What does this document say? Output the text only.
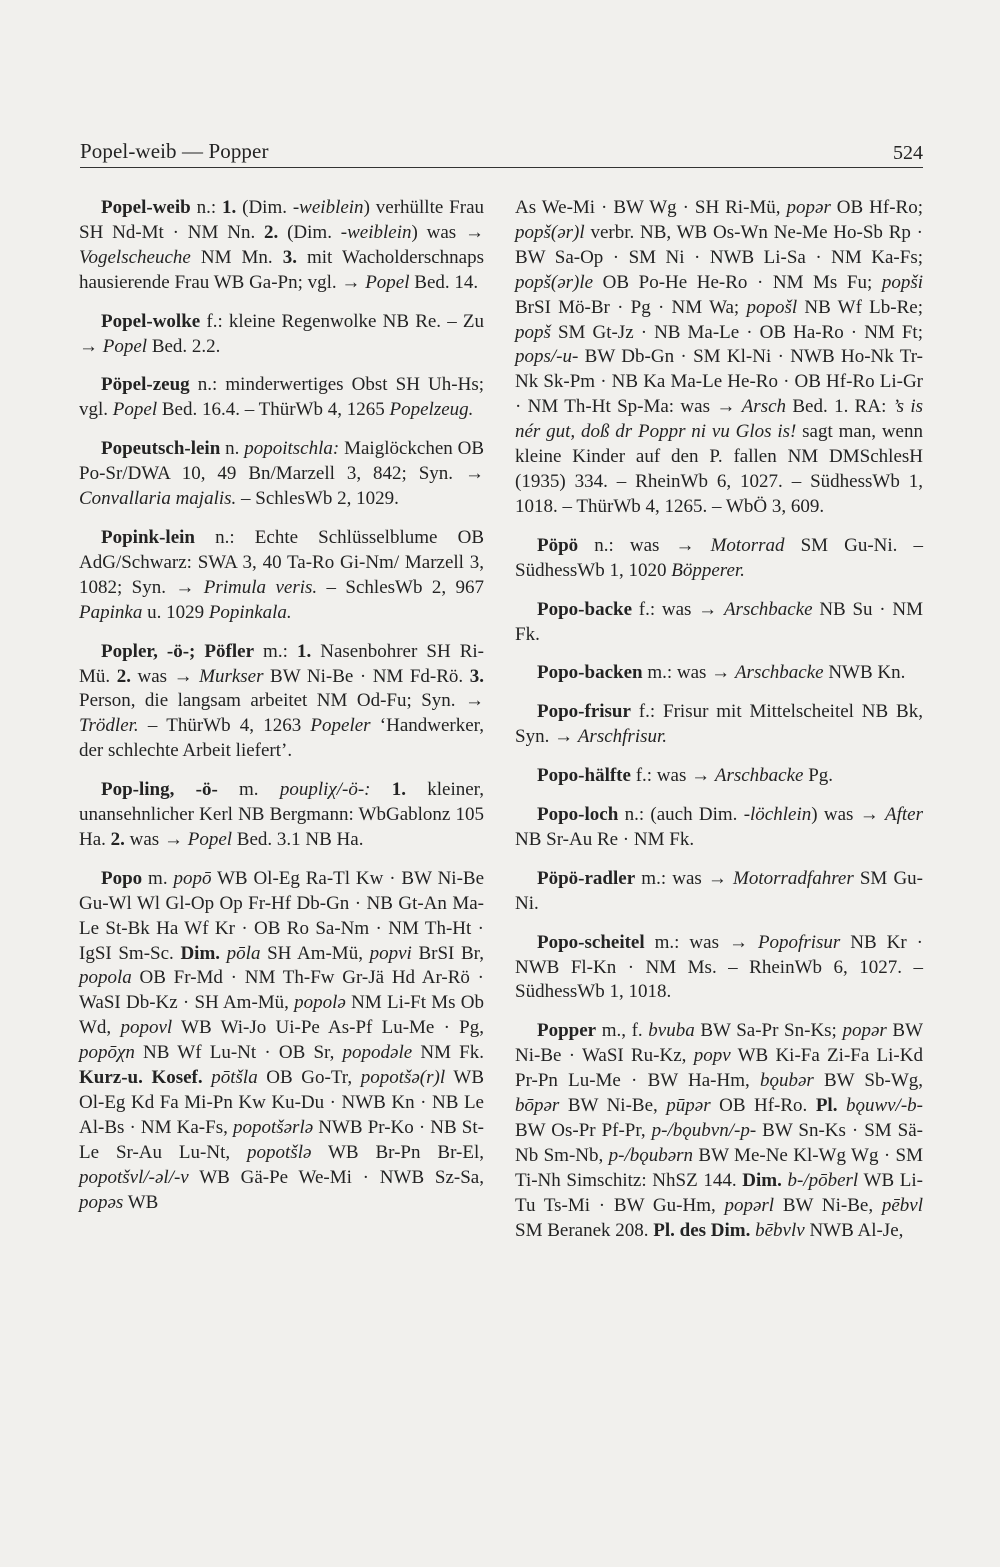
Popel-weib — Popper	524

Popel-weib n.: 1. (Dim. -weiblein) verhüllte Frau SH Nd-Mt · NM Nn. 2. (Dim. -weiblein) was → Vogelscheuche NM Mn. 3. mit Wacholderschnaps hausierende Frau WB Ga-Pn; vgl. → Popel Bed. 14.

Popel-wolke f.: kleine Regenwolke NB Re. – Zu → Popel Bed. 2.2.

Pöpel-zeug n.: minderwertiges Obst SH Uh-Hs; vgl. Popel Bed. 16.4. – ThürWb 4, 1265 Popelzeug.

Popeutsch-lein n. popoitschla: Maiglöckchen OB Po-Sr/DWA 10, 49 Bn/Marzell 3, 842; Syn. → Convallaria majalis. – SchlesWb 2, 1029.

Popink-lein n.: Echte Schlüsselblume OB AdG/Schwarz: SWA 3, 40 Ta-Ro Gi-Nm/ Marzell 3, 1082; Syn. → Primula veris. – SchlesWb 2, 967 Papinka u. 1029 Popinkala.

Popler, -ö-; Pöfler m.: 1. Nasenbohrer SH Ri-Mü. 2. was → Murkser BW Ni-Be · NM Fd-Rö. 3. Person, die langsam arbeitet NM Od-Fu; Syn. → Trödler. – ThürWb 4, 1263 Popeler ‘Handwerker, der schlechte Arbeit liefert’.

Pop-ling, -ö- m. pouplіχ/-ö-: 1. kleiner, unansehnlicher Kerl NB Bergmann: WbGablonz 105 Ha. 2. was → Popel Bed. 3.1 NB Ha.

Popo m. popō WB Ol-Eg Ra-Tl Kw · BW Ni-Be Gu-Wl Wl Gl-Op Op Fr-Hf Db-Gn · NB Gt-An Ma-Le St-Bk Ha Wf Kr · OB Ro Sa-Nm · NM Th-Ht · IgSI Sm-Sc. Dim. pōla SH Am-Mü, popvi BrSI Br, popola OB Fr-Md · NM Th-Fw Gr-Jä Hd Ar-Rö · WaSI Db-Kz · SH Am-Mü, popolə NM Li-Ft Ms Ob Wd, popovl WB Wi-Jo Ui-Pe As-Pf Lu-Me · Pg, popōχn NB Wf Lu-Nt · OB Sr, popodəle NM Fk. Kurz-u. Kosef. pōtšla OB Go-Tr, popotšə(r)l WB Ol-Eg Kd Fa Mi-Pn Kw Ku-Du · NWB Kn · NB Le Al-Bs · NM Ka-Fs, popotšərlə NWB Pr-Ko · NB St-Le Sr-Au Lu-Nt, popotšlə WB Br-Pn Br-El, popotšvl/-əl/-v WB Gä-Pe We-Mi · NWB Sz-Sa, popəs WB

As We-Mi · BW Wg · SH Ri-Mü, popər OB Hf-Ro; popš(ər)l verbr. NB, WB Os-Wn Ne-Me Ho-Sb Rp · BW Sa-Op · SM Ni · NWB Li-Sa · NM Ka-Fs; popš(ər)le OB Po-He He-Ro · NM Ms Fu; popši BrSI Mö-Br · Pg · NM Wa; popošl NB Wf Lb-Re; popš SM Gt-Jz · NB Ma-Le · OB Ha-Ro · NM Ft; pops/-u- BW Db-Gn · SM Kl-Ni · NWB Ho-Nk Tr-Nk Sk-Pm · NB Ka Ma-Le He-Ro · OB Hf-Ro Li-Gr · NM Th-Ht Sp-Ma: was → Arsch Bed. 1. RA: ’s is nér gut, doß dr Poppr ni vu Glos is! sagt man, wenn kleine Kinder auf den P. fallen NM DMSchlesH (1935) 334. – RheinWb 6, 1027. – SüdhessWb 1, 1018. – ThürWb 4, 1265. – WbÖ 3, 609.

Pöpö n.: was → Motorrad SM Gu-Ni. – SüdhessWb 1, 1020 Böpperer.

Popo-backe f.: was → Arschbacke NB Su · NM Fk.

Popo-backen m.: was → Arschbacke NWB Kn.

Popo-frisur f.: Frisur mit Mittelscheitel NB Bk, Syn. → Arschfrisur.

Popo-hälfte f.: was → Arschbacke Pg.

Popo-loch n.: (auch Dim. -löchlein) was → After NB Sr-Au Re · NM Fk.

Pöpö-radler m.: was → Motorradfahrer SM Gu-Ni.

Popo-scheitel m.: was → Popofrisur NB Kr · NWB Fl-Kn · NM Ms. – RheinWb 6, 1027. – SüdhessWb 1, 1018.

Popper m., f. bvuba BW Sa-Pr Sn-Ks; popər BW Ni-Be · WaSI Ru-Kz, popv WB Ki-Fa Zi-Fa Li-Kd Pr-Pn Lu-Me · BW Ha-Hm, bǫubər BW Sb-Wg, bōpər BW Ni-Be, pūpər OB Hf-Ro. Pl. bǫuwv/-b- BW Os-Pr Pf-Pr, p-/bǫubvn/-p- BW Sn-Ks · SM Sä-Nb Sm-Nb, p-/bǫubərn BW Me-Ne Kl-Wg Wg · SM Ti-Nh Simschitz: NhSZ 144. Dim. b-/pōberl WB Li-Tu Ts-Mi · BW Gu-Hm, popərl BW Ni-Be, pēbvl SM Beranek 208. Pl. des Dim. bēbvlv NWB Al-Je,
